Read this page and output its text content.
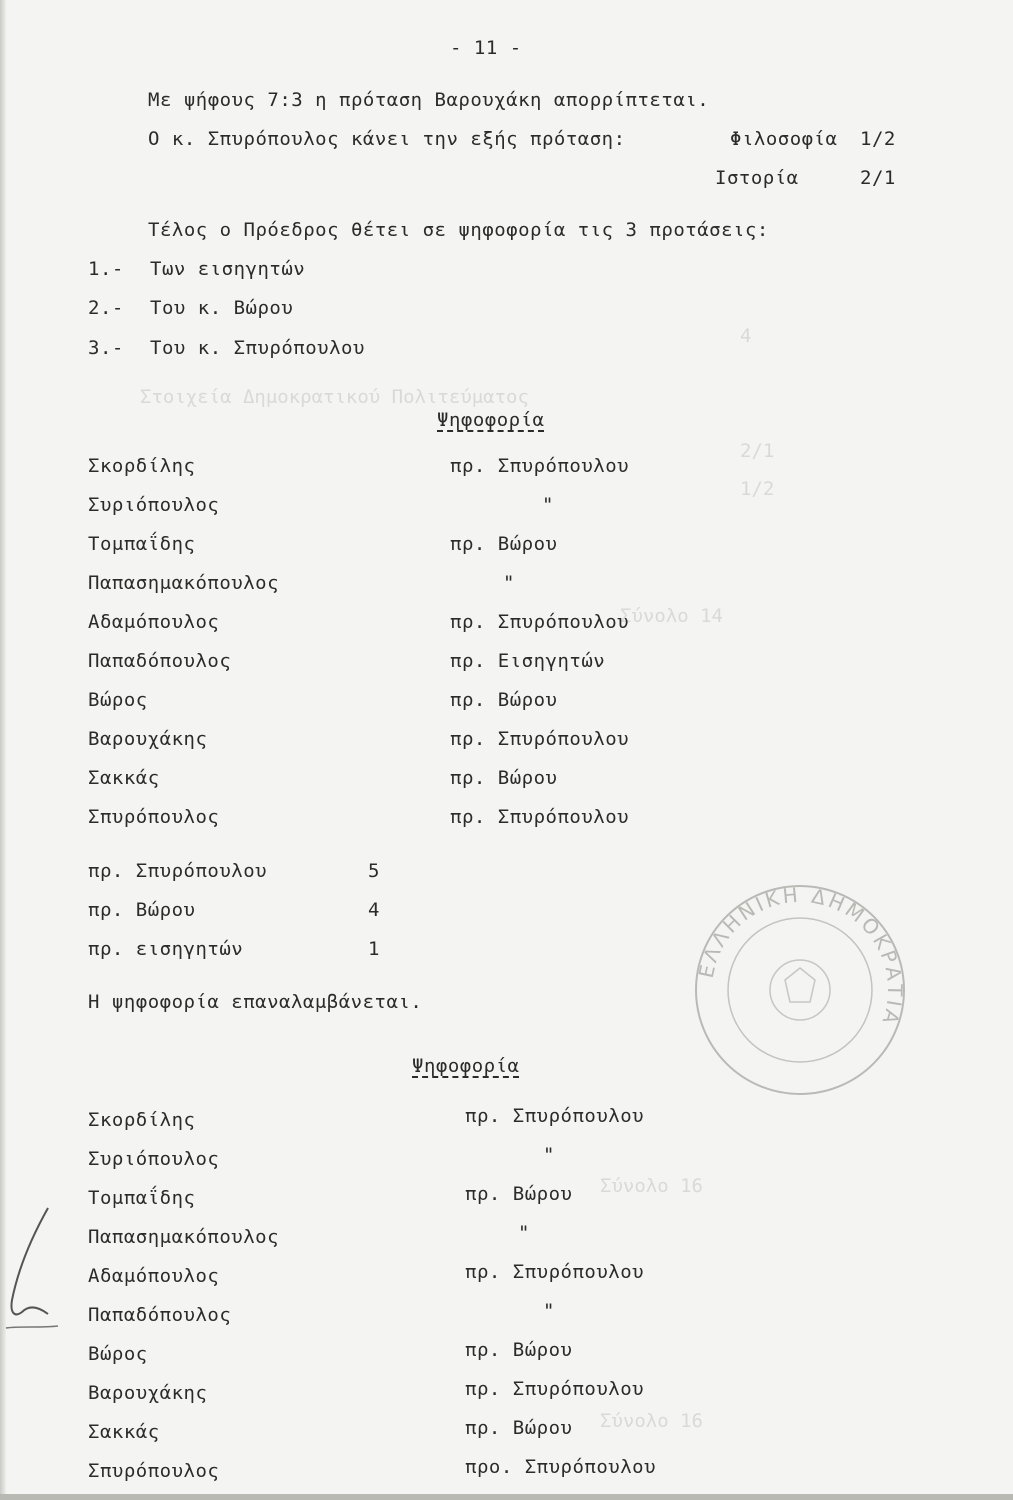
Στοιχεία Δημοκρατικού Πολιτεύματος
4
2/1
1/2
Σύνολο 14
Σύνολο 16
Σύνολο 16
- 11 -
Με ψήφους 7:3 η πρόταση Βαρουχάκη απορρίπτεται.
Ο κ. Σπυρόπουλος κάνει την εξής πρόταση:	Φιλοσοφία 1/2
Ιστορία	2/1
Τέλος ο Πρόεδρος θέτει σε ψηφοφορία τις 3 προτάσεις:
1.- Των εισηγητών
2.- Του κ. Βώρου
3.- Του κ. Σπυρόπουλου
Ψηφοφορία
Σκορδίλης	πρ. Σπυρόπουλου
Συριόπουλος	"
Τομπαΐδης	πρ. Βώρου
Παπασημακόπουλος	"
Αδαμόπουλος	πρ. Σπυρόπουλου
Παπαδόπουλος	πρ. Εισηγητών
Βώρος	πρ. Βώρου
Βαρουχάκης	πρ. Σπυρόπουλου
Σακκάς	πρ. Βώρου
Σπυρόπουλος	πρ. Σπυρόπουλου
πρ. Σπυρόπουλου	5
πρ. Βώρου	4
πρ. εισηγητών	1
Η ψηφοφορία επαναλαμβάνεται.
Ψηφοφορία
Σκορδίλης	πρ. Σπυρόπουλου
Συριόπουλος	"
Τομπαΐδης	πρ. Βώρου
Παπασημακόπουλος	"
Αδαμόπουλος	πρ. Σπυρόπουλου
Παπαδόπουλος	"
Βώρος	πρ. Βώρου
Βαρουχάκης	πρ. Σπυρόπουλου
Σακκάς	πρ. Βώρου
Σπυρόπουλος	προ. Σπυρόπουλου
ΕΛΛΗΝΙΚΗ ΔΗΜΟΚΡΑΤΙΑ
